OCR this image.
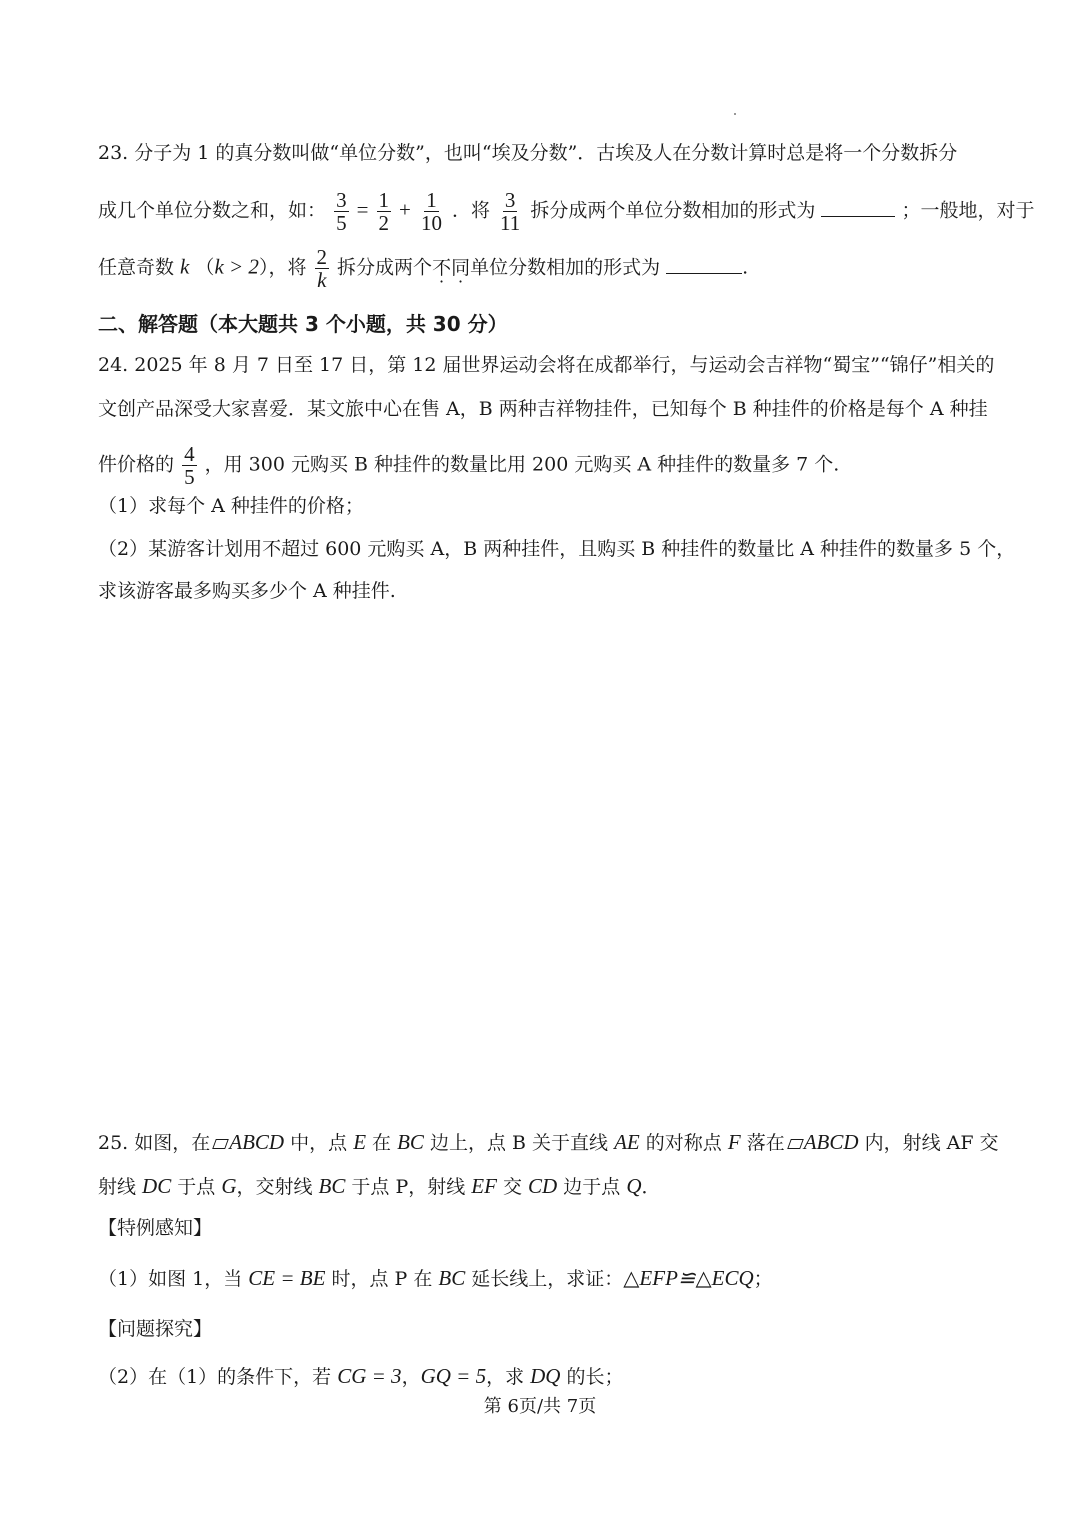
23. 分子为 1 的真分数叫做“单位分数”，也叫“埃及分数”．古埃及人在分数计算时总是将一个分数拆分
成几个单位分数之和，如： $\frac{3}{5} = \frac{1}{2} + \frac{1}{10}$ ．将 $\frac{3}{11}$ 拆分成两个单位分数相加的形式为	；一般地，对于
任意奇数 k （k > 2），将 $\frac{2}{k}$ 拆分成两个不同单位分数相加的形式为	.
二、解答题（本大题共 3 个小题，共 30 分）
24. 2025 年 8 月 7 日至 17 日，第 12 届世界运动会将在成都举行，与运动会吉祥物“蜀宝”“锦仔”相关的
文创产品深受大家喜爱．某文旅中心在售 A，B 两种吉祥物挂件，已知每个 B 种挂件的价格是每个 A 种挂
件价格的 $\frac{4}{5}$ ，用 300 元购买 B 种挂件的数量比用 200 元购买 A 种挂件的数量多 7 个.
（1）求每个 A 种挂件的价格；
（2）某游客计划用不超过 600 元购买 A，B 两种挂件，且购买 B 种挂件的数量比 A 种挂件的数量多 5 个，
求该游客最多购买多少个 A 种挂件.
25. 如图，在 ABCD 中，点 E 在 BC 边上，点 B 关于直线 AE 的对称点 F 落在 ABCD 内，射线 AF 交
射线 DC 于点 G，交射线 BC 于点 P，射线 EF 交 CD 边于点 Q．
【特例感知】
（1）如图 1，当 CE = BE 时，点 P 在 BC 延长线上，求证：△EFP≌△ECQ；
【问题探究】
（2）在（1）的条件下，若 CG = 3，GQ = 5，求 DQ 的长；
第 6页/共 7页
